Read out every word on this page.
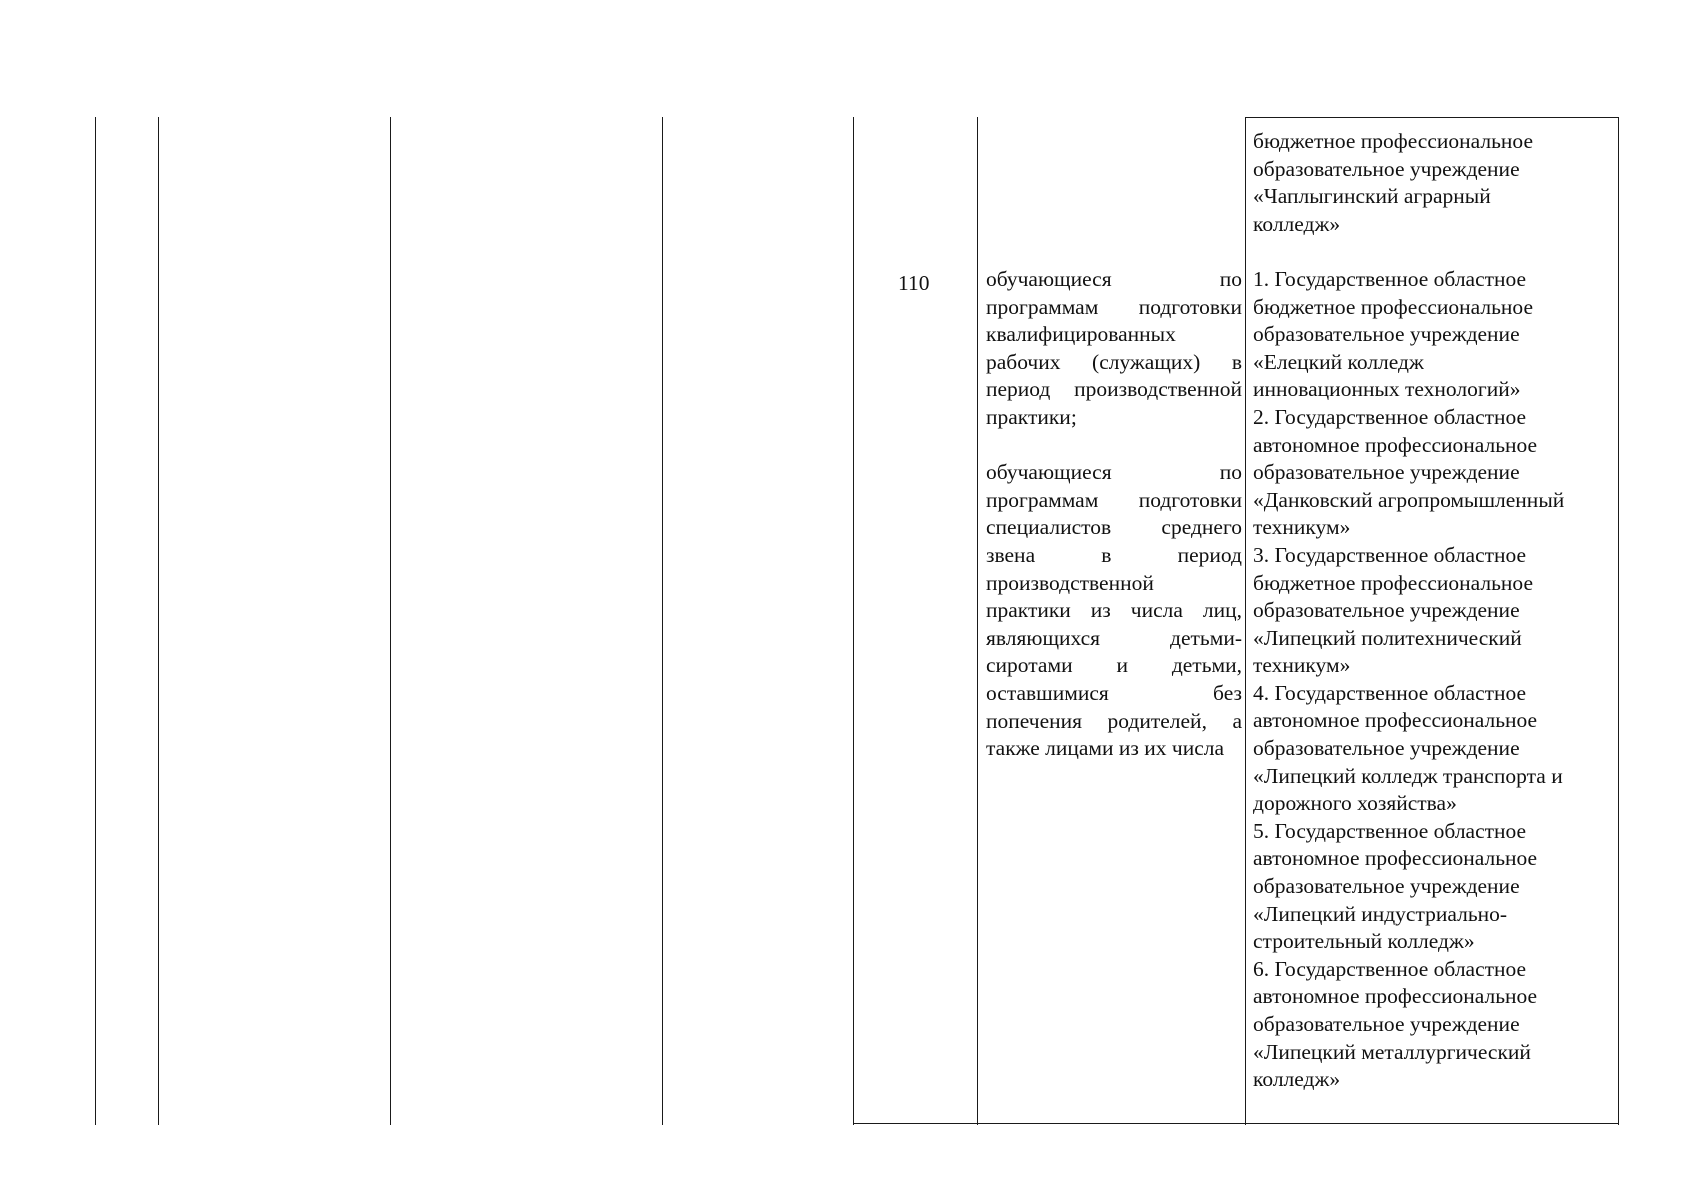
110	обучающиеся по программам подготовки квалифицированных рабочих (служащих) в период производственной практики;

обучающиеся по программам подготовки специалистов среднего звена в период производственной практики из числа лиц, являющихся детьми-сиротами и детьми, оставшимися без попечения родителей, а также лицами из их числа

бюджетное профессиональное
образовательное учреждение
«Чаплыгинский аграрный
колледж»
1. Государственное областное
бюджетное профессиональное
образовательное учреждение
«Елецкий колледж
инновационных технологий»
2. Государственное областное
автономное профессиональное
образовательное учреждение
«Данковский агропромышленный
техникум»
3. Государственное областное
бюджетное профессиональное
образовательное учреждение
«Липецкий политехнический
техникум»
4. Государственное областное
автономное профессиональное
образовательное учреждение
«Липецкий колледж транспорта и
дорожного хозяйства»
5. Государственное областное
автономное профессиональное
образовательное учреждение
«Липецкий индустриально-
строительный колледж»
6. Государственное областное
автономное профессиональное
образовательное учреждение
«Липецкий металлургический
колледж»
